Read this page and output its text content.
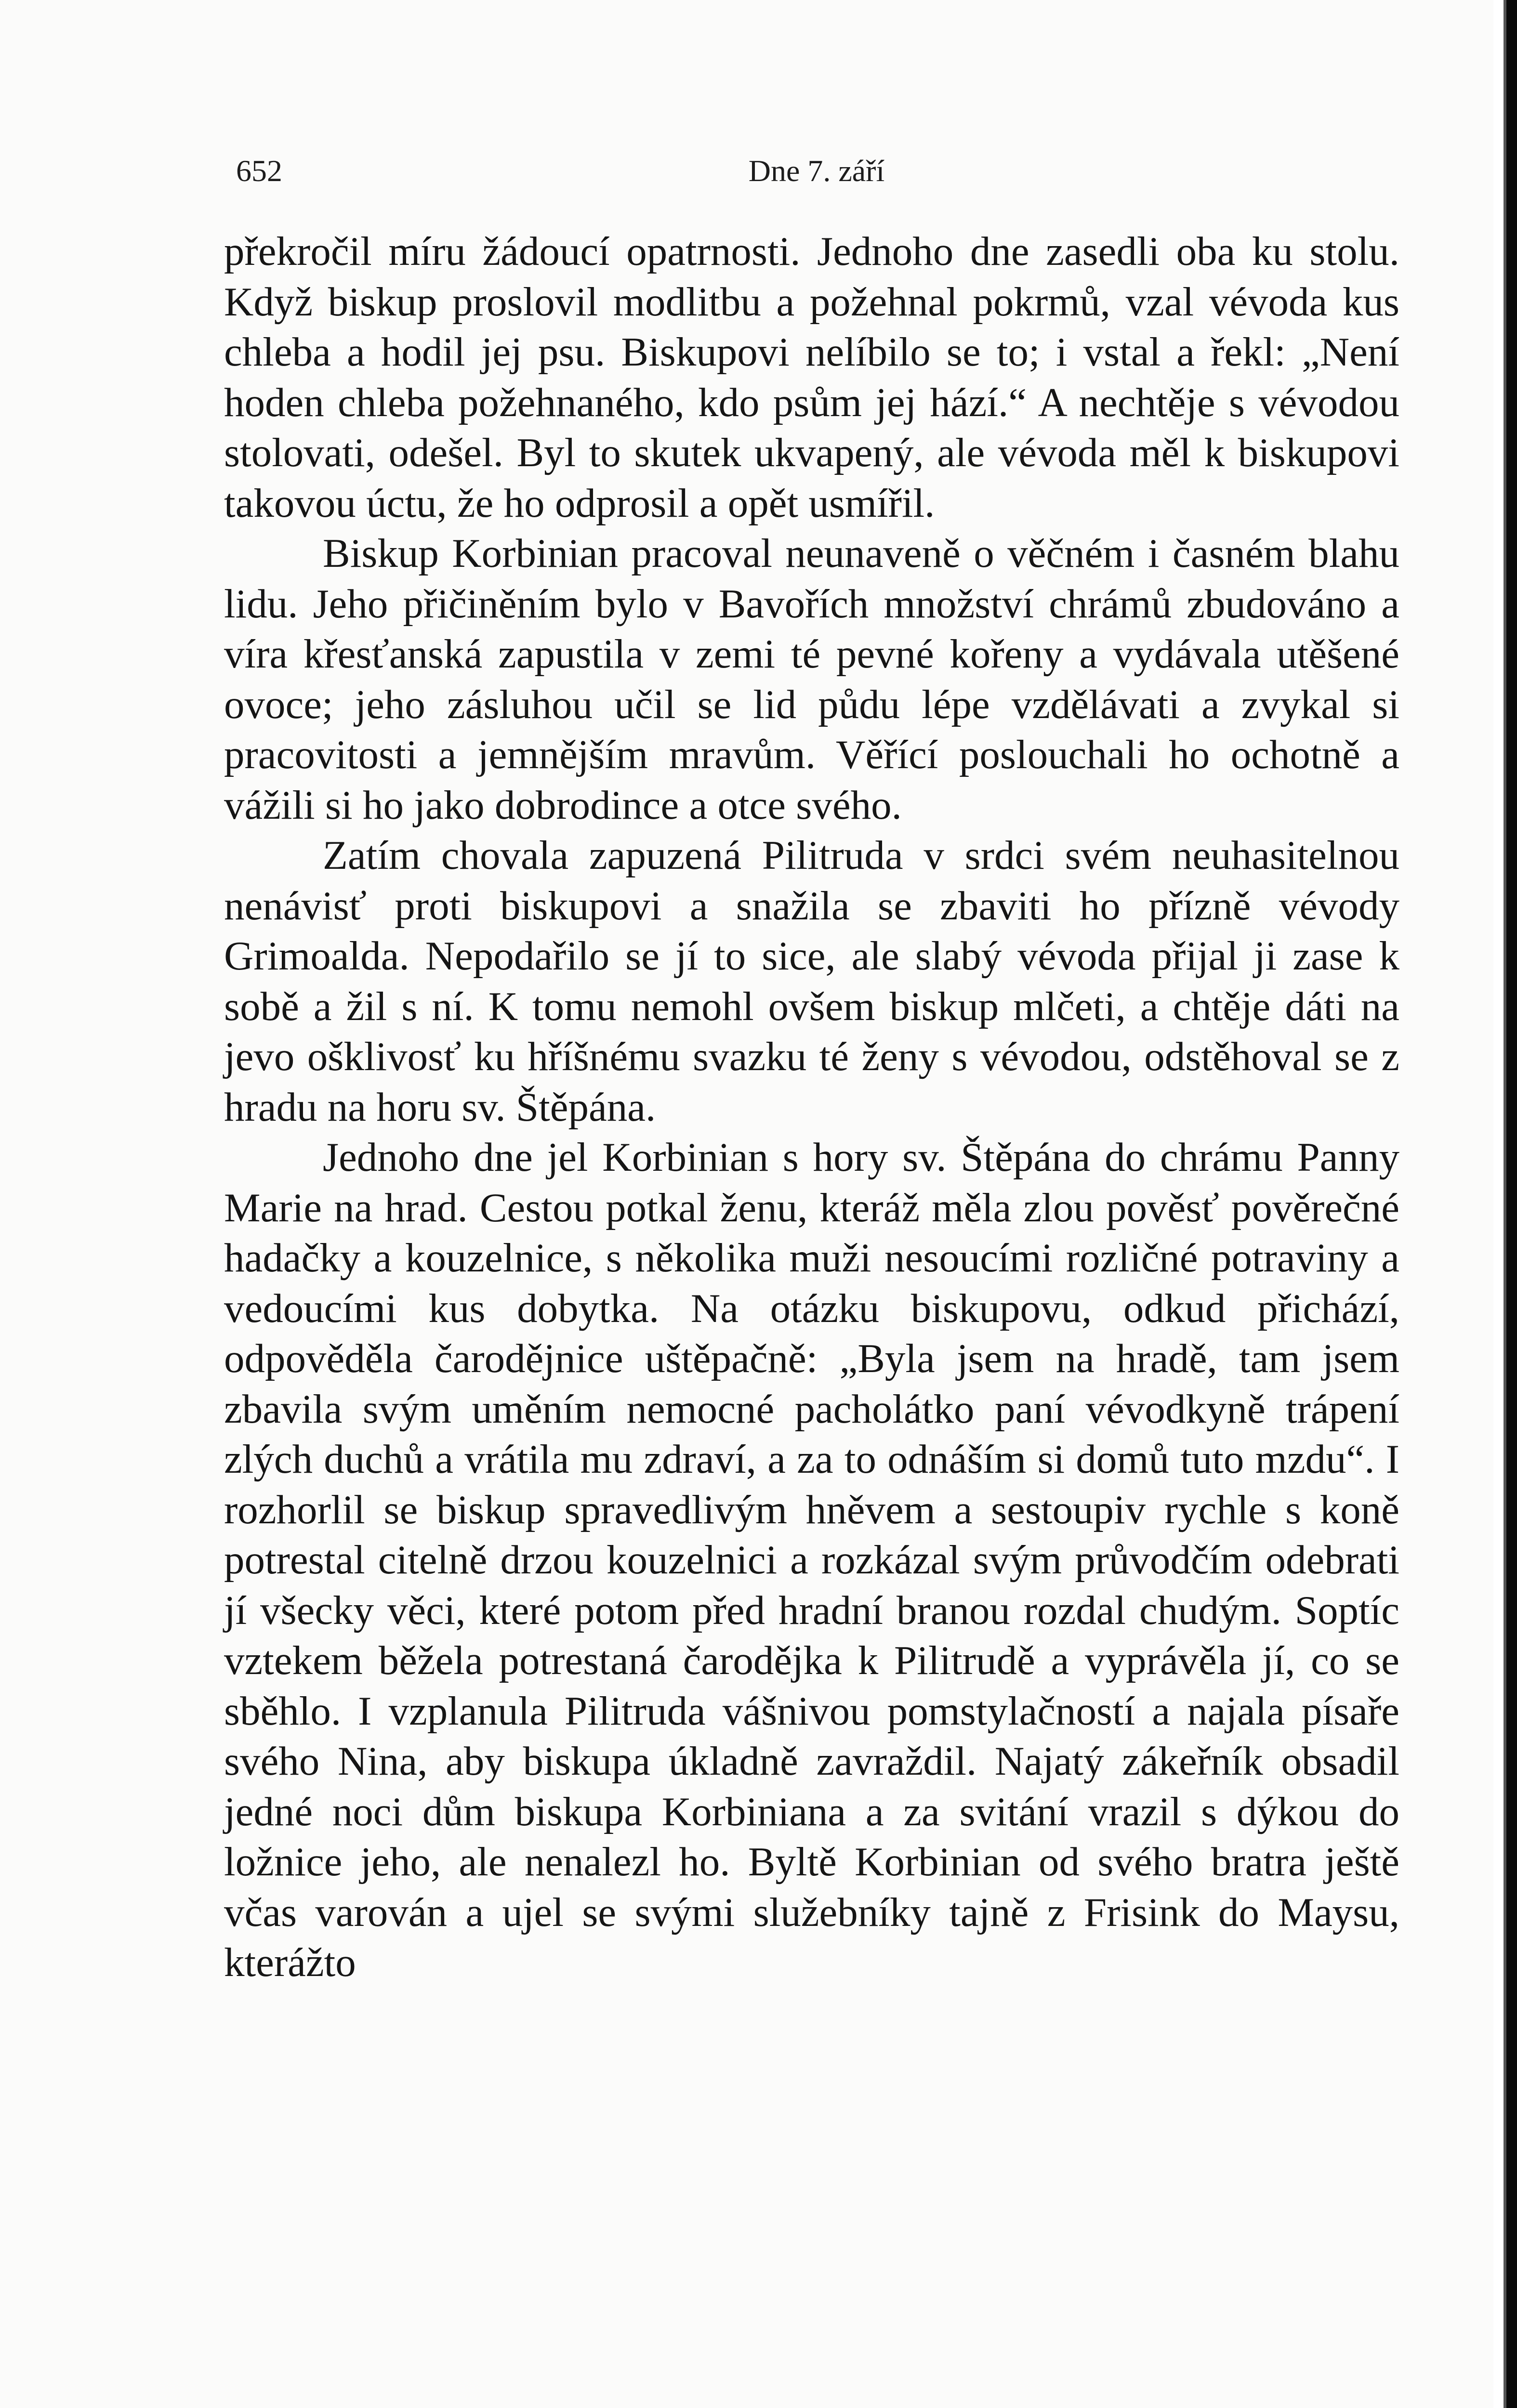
652	Dne 7. září

překročil míru žádoucí opatrnosti. Jednoho dne zasedli oba ku stolu. Když biskup proslovil modlitbu a požehnal pokrmů, vzal vévoda kus chleba a hodil jej psu. Biskupovi nelíbilo se to; i vstal a řekl: „Není hoden chleba požehnaného, kdo psům jej hází.“ A nechtěje s vévodou stolovati, odešel. Byl to skutek ukvapený, ale vévoda měl k biskupovi takovou úctu, že ho odprosil a opět usmířil.

Biskup Korbinian pracoval neunaveně o věčném i časném blahu lidu. Jeho přičiněním bylo v Bavořích množství chrámů zbudováno a víra křesťanská zapustila v zemi té pevné kořeny a vydávala utěšené ovoce; jeho zásluhou učil se lid půdu lépe vzdělávati a zvykal si pracovitosti a jemnějším mravům. Věřící poslouchali ho ochotně a vážili si ho jako dobrodince a otce svého.

Zatím chovala zapuzená Pilitruda v srdci svém neuhasitelnou nenávisť proti biskupovi a snažila se zbaviti ho přízně vévody Grimoalda. Nepodařilo se jí to sice, ale slabý vévoda přijal ji zase k sobě a žil s ní. K tomu nemohl ovšem biskup mlčeti, a chtěje dáti na jevo ošklivosť ku hříšnému svazku té ženy s vévodou, odstěhoval se z hradu na horu sv. Štěpána.

Jednoho dne jel Korbinian s hory sv. Štěpána do chrámu Panny Marie na hrad. Cestou potkal ženu, kteráž měla zlou pověsť pověrečné hadačky a kouzelnice, s několika muži nesoucími rozličné potraviny a vedoucími kus dobytka. Na otázku biskupovu, odkud přichází, odpověděla čarodějnice uštěpačně: „Byla jsem na hradě, tam jsem zbavila svým uměním nemocné pacholátko paní vévodkyně trápení zlých duchů a vrátila mu zdraví, a za to odnáším si domů tuto mzdu“. I rozhorlil se biskup spravedlivým hněvem a sestoupiv rychle s koně potrestal citelně drzou kouzelnici a rozkázal svým průvodčím odebrati jí všecky věci, které potom před hradní branou rozdal chudým. Soptíc vztekem běžela potrestaná čarodějka k Pilitrudě a vyprávěla jí, co se sběhlo. I vzplanula Pilitruda vášnivou pomstylačností a najala písaře svého Nina, aby biskupa úkladně zavraždil. Najatý zákeřník obsadil jedné noci dům biskupa Korbiniana a za svitání vrazil s dýkou do ložnice jeho, ale nenalezl ho. Byltě Korbinian od svého bratra ještě včas varován a ujel se svými služebníky tajně z Frisink do Maysu, kterážto
